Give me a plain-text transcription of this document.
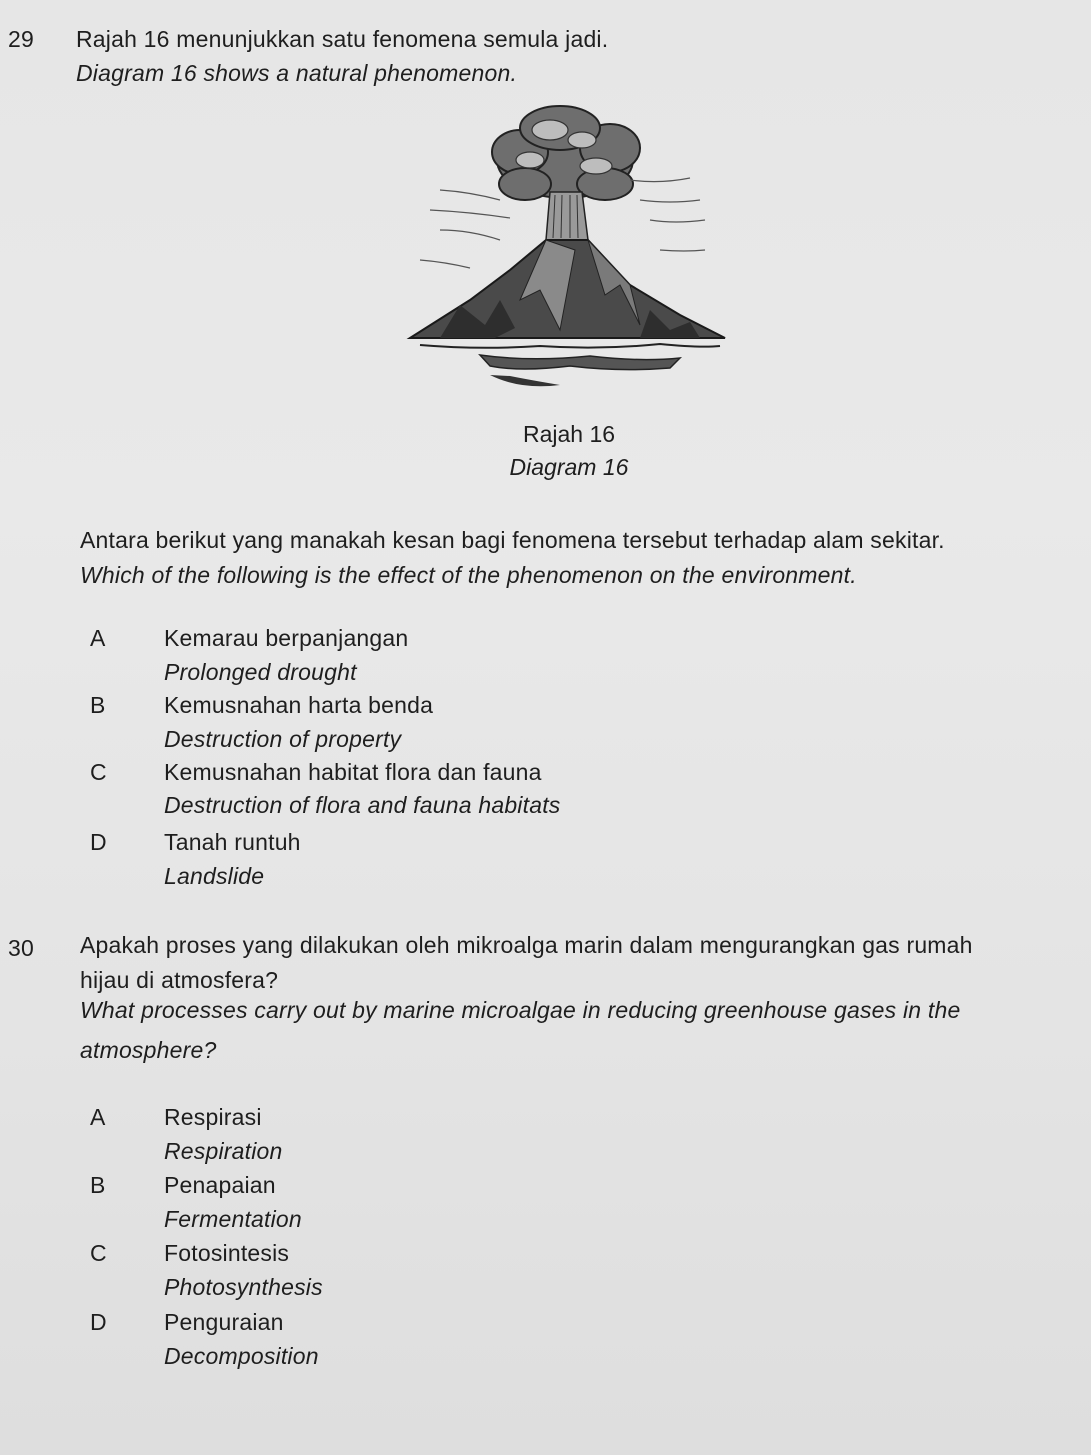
29 Rajah 16 menunjukkan satu fenomena semula jadi.
Diagram 16 shows a natural phenomenon.
Rajah 16
Diagram 16
Antara berikut yang manakah kesan bagi fenomena tersebut terhadap alam sekitar.
Which of the following is the effect of the phenomenon on the environment.
A	Kemarau berpanjangan
Prolonged drought
B	Kemusnahan harta benda
Destruction of property
C	Kemusnahan habitat flora dan fauna
Destruction of flora and fauna habitats
D	Tanah runtuh
Landslide
30 Apakah proses yang dilakukan oleh mikroalga marin dalam mengurangkan gas rumah
hijau di atmosfera?
What processes carry out by marine microalgae in reducing greenhouse gases in the
atmosphere?
A	Respirasi
Respiration
B	Penapaian
Fermentation
C	Fotosintesis
Photosynthesis
D	Penguraian
Decomposition
